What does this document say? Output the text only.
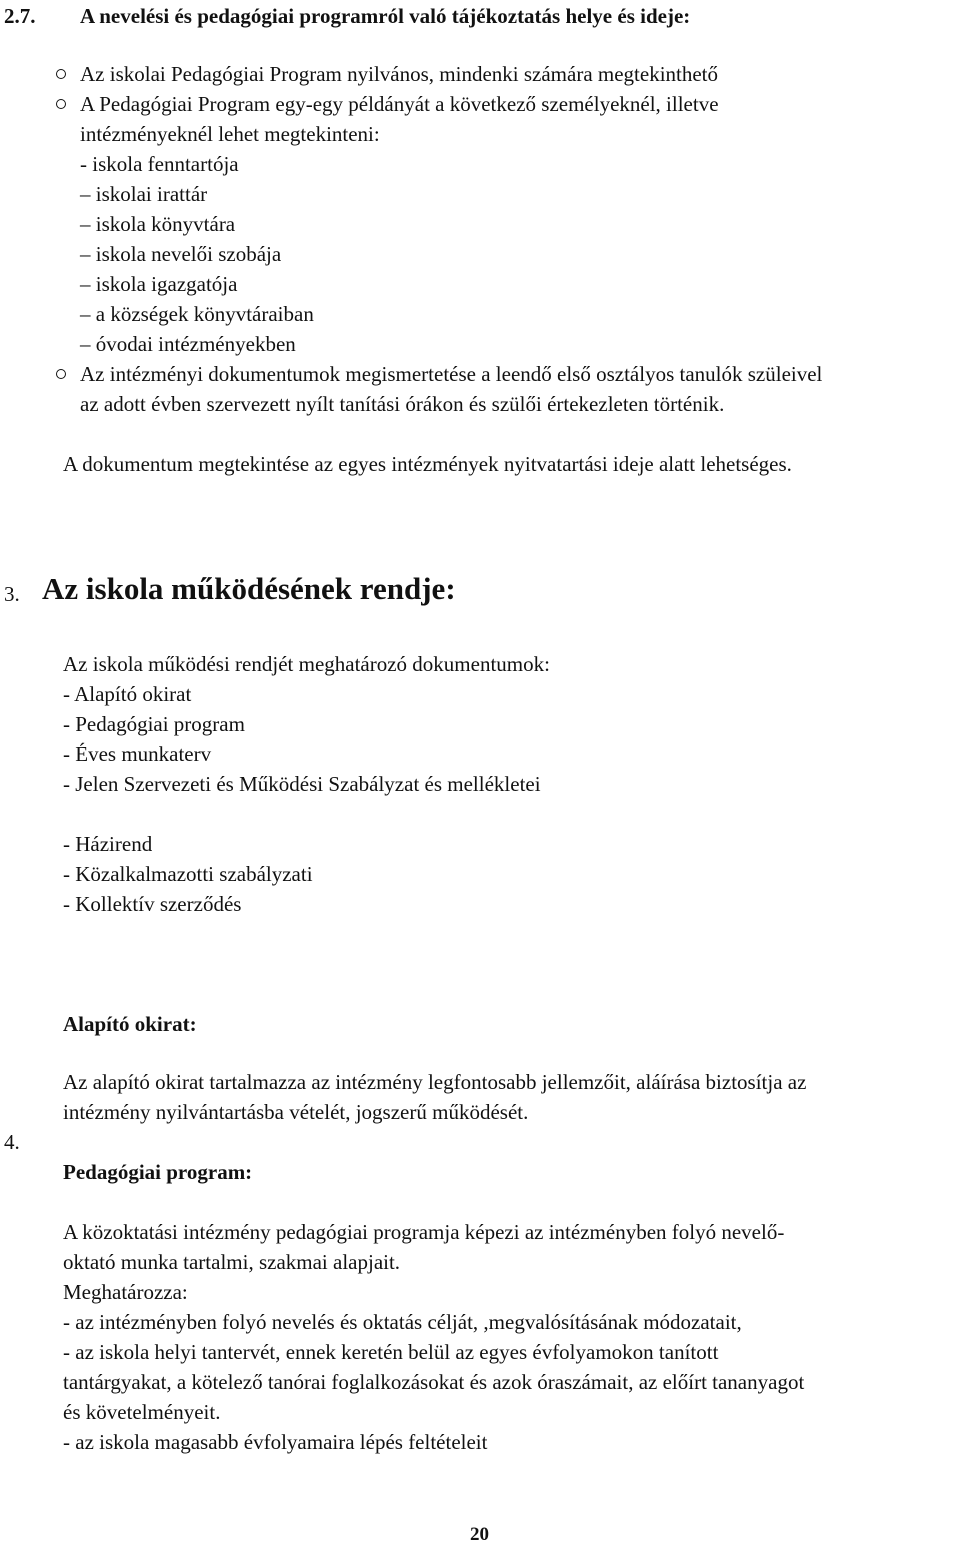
2.7. A nevelési és pedagógiai programról való tájékoztatás helye és ideje:
Az iskolai Pedagógiai Program nyilvános, mindenki számára megtekinthető
A Pedagógiai Program egy-egy példányát a következő személyeknél, illetve
intézményeknél lehet megtekinteni:
- iskola fenntartója
– iskolai irattár
– iskola könyvtára
– iskola nevelői szobája
– iskola igazgatója
– a községek könyvtáraiban
– óvodai intézményekben
Az intézményi dokumentumok megismertetése a leendő első osztályos tanulók szüleivel
az adott évben szervezett nyílt tanítási órákon és szülői értekezleten történik.
A dokumentum megtekintése az egyes intézmények nyitvatartási ideje alatt lehetséges.
3. Az iskola működésének rendje:
Az iskola működési rendjét meghatározó dokumentumok:
- Alapító okirat
- Pedagógiai program
- Éves munkaterv
- Jelen Szervezeti és Működési Szabályzat és mellékletei
- Házirend
- Közalkalmazotti szabályzati
- Kollektív szerződés
Alapító okirat:
Az alapító okirat tartalmazza az intézmény legfontosabb jellemzőit, aláírása biztosítja az
intézmény nyilvántartásba vételét, jogszerű működését.
4.
Pedagógiai program:
A közoktatási intézmény pedagógiai programja képezi az intézményben folyó nevelő-
oktató munka tartalmi, szakmai alapjait.
Meghatározza:
- az intézményben folyó nevelés és oktatás célját, ,megvalósításának módozatait,
- az iskola helyi tantervét, ennek keretén belül az egyes évfolyamokon tanított
tantárgyakat, a kötelező tanórai foglalkozásokat és azok óraszámait, az előírt tananyagot
és követelményeit.
- az iskola magasabb évfolyamaira lépés feltételeit
20
